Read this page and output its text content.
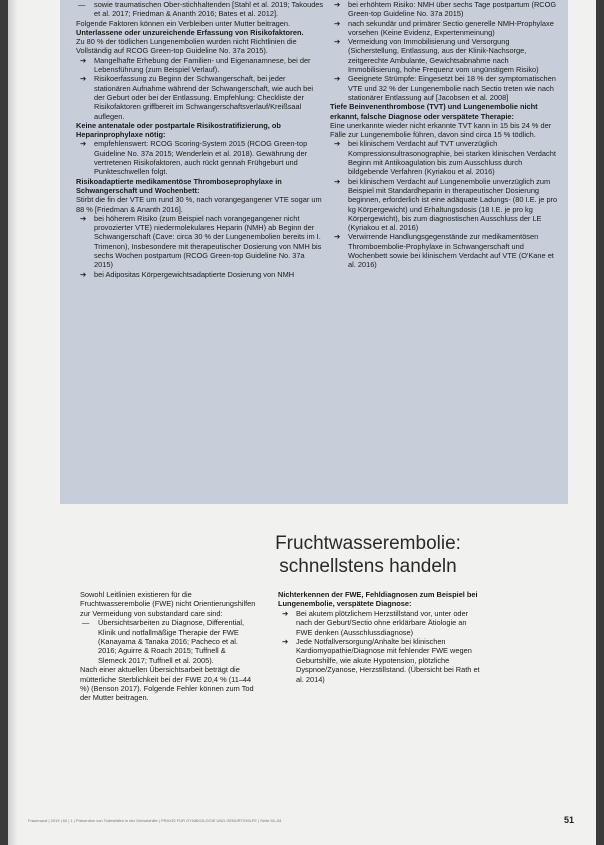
— sowie traumatischen Ober-stichhaltenden [Stahl et al. 2019; Takoudes et al. 2017; Friedman & Ananth 2016; Bates et al. 2012].

Folgende Faktoren können ein Verbleiben unter Mutter beitragen.

Unterlassene oder unzureichende Erfassung von Risikofaktoren.

Zu 80 % der tödlichen Lungenembolien wurden nicht Richtlinien die Vollständig auf RCOG Green-top Guideline No. 37a 2015).

➔ Mangelhafte Erhebung der Familien- und Eigenanamnese, bei der Lebensführung (zum Beispiel Verlauf).

➔ Risikoerfassung zu Beginn der Schwangerschaft, bei jeder stationären Aufnahme während der Schwangerschaft, wie auch bei der Geburt oder bei der Entlassung. Empfehlung: Checkliste der Risikofaktoren griffbereit im Schwangerschaftsverlauf/Kreißsaal auflegen.

Keine antenatale oder postpartale Risikostratifizierung, ob Heparinprophylaxe nötig:

➔ empfehlenswert: RCOG Scoring-System 2015 (RCOG Green-top Guideline No. 37a 2015; Wenderlein et al. 2018). Gewährung der vertretenen Risikofaktoren, auch rückt gennah Frühgeburt und Punkteschwellen folgt.

Risikoadaptierte medikamentöse Thromboseprophylaxe in Schwangerschaft und Wochenbett:

Stirbt die fin der VTE um rund 30 %, nach vorangegangener VTE sogar um 88 % [Friedman & Ananth 2016].

➔ bei höherem Risiko (zum Beispiel nach vorangegangener nicht provozierter VTE) niedermolekulares Heparin (NMH) ab Beginn der Schwangerschaft (Cave: circa 30 % der Lungenembolien bereits im I. Trimenon), Insbesondere mit therapeutischer Dosierung von NMH bis sechs Wochen postpartum (RCOG Green-top Guideline No. 37a 2015)

➔ bei Adipositas Körpergewichtsadaptierte Dosierung von NMH

➔ bei erhöhtem Risiko: NMH über sechs Tage postpartum (RCOG Green-top Guideline No. 37a 2015)

➔ nach sekundär und primärer Sectio generelle NMH-Prophylaxe vorsehen (Keine Evidenz, Expertenmeinung)

➔ Vermeidung von Immobilisierung und Versorgung (Sicherstellung, Entlassung, aus der Klinik-Nachsorge, zeitgerechte Ambulante, Gewichtsabnahme nach Immobilisierung, hohe Frequenz vom ungünstigem Risiko)

➔ Geeignete Strümpfe: Eingesetzt bei 18 % der symptomatischen VTE und 32 % der Lungenembolie nach Sectio treten wie nach stationärer Entlassung auf [Jacobsen et al. 2008]

Tiefe Beinvenenthrombose (TVT) und Lungenembolie nicht erkannt, falsche Diagnose oder verspätete Therapie:

Eine unerkannte wieder nicht erkannte TVT kann in 15 bis 24 % der Fälle zur Lungenembolie führen, davon sind circa 15 % tödlich.

➔ bei klinischem Verdacht auf TVT unverzüglich Kompressionsultrasonographie, bei starken klinischen Verdacht Beginn mit Antikoagulation bis zum Ausschluss durch bildgebende Verfahren (Kyriakou et al. 2016)

➔ bei klinischem Verdacht auf Lungenembolie unverzüglich zum Beispiel mit Standardheparin in therapeutischer Dosierung beginnen, erforderlich ist eine adäquate Ladungs- (80 I.E. je pro kg Körpergewicht) und Erhaltungsdosis (18 I.E. je pro kg Körpergewicht), bis zum diagnostischen Ausschluss der LE (Kyriakou et al. 2016)

➔ Verwirrende Handlungsgegenstände zur medikamentösen Thromboembolie-Prophylaxe in Schwangerschaft und Wochenbett sowie bei klinischem Verdacht auf VTE (O'Kane et al. 2016)

Fruchtwasserembolie:
schnellstens handeln

Sowohl Leitlinien existieren für die Fruchtwasserembolie (FWE) nicht Orientierungshilfen zur Vermeidung von substandard care sind:

— Übersichtsarbeiten zu Diagnose, Differential, Klinik und notfallmäßige Therapie der FWE (Kanayama & Tanaka 2016; Pacheco et al. 2016; Aguirre & Roach 2015; Tuffnell & Slemeck 2017; Tuffnell et al. 2005).

Nach einer aktuellen Übersichtsarbeit beträgt die mütterliche Sterblichkeit bei der FWE 20,4 % (11–44 %) (Benson 2017). Folgende Fehler können zum Tod der Mutter beitragen.

Nichterkennen der FWE, Fehldiagnosen zum Beispiel bei Lungenembolie, verspätete Diagnose:

➔ Bei akutem plötzlichem Herzstillstand vor, unter oder nach der Geburt/Sectio ohne erklärbare Ätiologie an FWE denken (Ausschlussdiagnose)

➔ Jede Notfallversorgung/Anhalte bei klinischen Kardiomyopathie/Diagnose mit fehlender FWE wegen Geburtshilfe, wie akute Hypotension, plötzliche Dyspnoe/Zyanose, Herzstillstand. (Übersicht bei Rath et al. 2014)

Frauenarzt | 2019 | 60 | 1 | Prävention von Todesfällen in der Geburtshilfe | PRAXIS FÜR GYNÄKOLOGIE UND GEBURTSHILFE | Seite 50–54	51
